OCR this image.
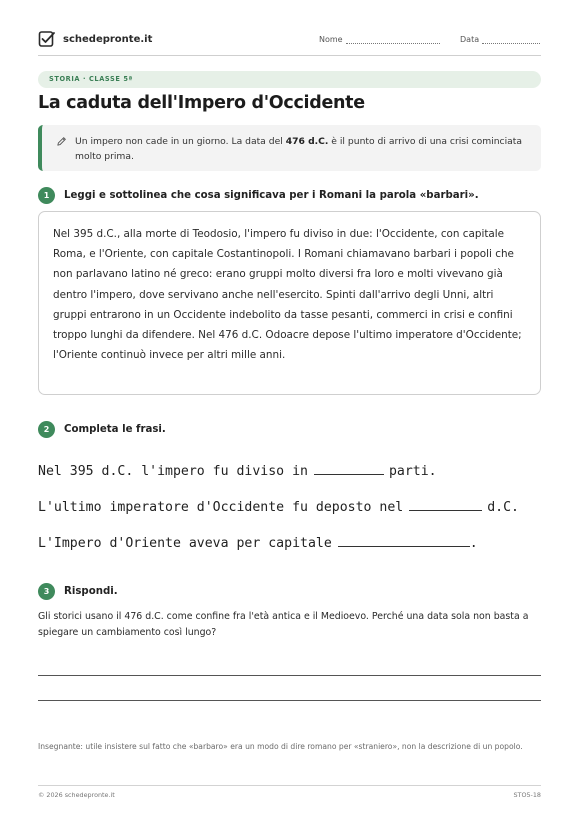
schedepronte.it	Nome	Data
STORIA · CLASSE 5ª
La caduta dell'Impero d'Occidente

Un impero non cade in un giorno. La data del 476 d.C. è il punto di arrivo di una crisi cominciata molto prima.

1	Leggi e sottolinea che cosa significava per i Romani la parola «barbari».
Nel 395 d.C., alla morte di Teodosio, l'impero fu diviso in due: l'Occidente, con capitale Roma, e l'Oriente, con capitale Costantinopoli. I Romani chiamavano barbari i popoli che non parlavano latino né greco: erano gruppi molto diversi fra loro e molti vivevano già dentro l'impero, dove servivano anche nell'esercito. Spinti dall'arrivo degli Unni, altri gruppi entrarono in un Occidente indebolito da tasse pesanti, commerci in crisi e confini troppo lunghi da difendere. Nel 476 d.C. Odoacre depose l'ultimo imperatore d'Occidente; l'Oriente continuò invece per altri mille anni.
2	Completa le frasi.
Nel 395 d.C. l'impero fu diviso in	parti.
L'ultimo imperatore d'Occidente fu deposto nel	d.C.
L'Impero d'Oriente aveva per capitale	.
3	Rispondi.

Gli storici usano il 476 d.C. come confine fra l'età antica e il Medioevo. Perché una data sola non basta a spiegare un cambiamento così lungo?

Insegnante: utile insistere sul fatto che «barbaro» era un modo di dire romano per «straniero», non la descrizione di un popolo.

© 2026 schedepronte.it	STO5-18
